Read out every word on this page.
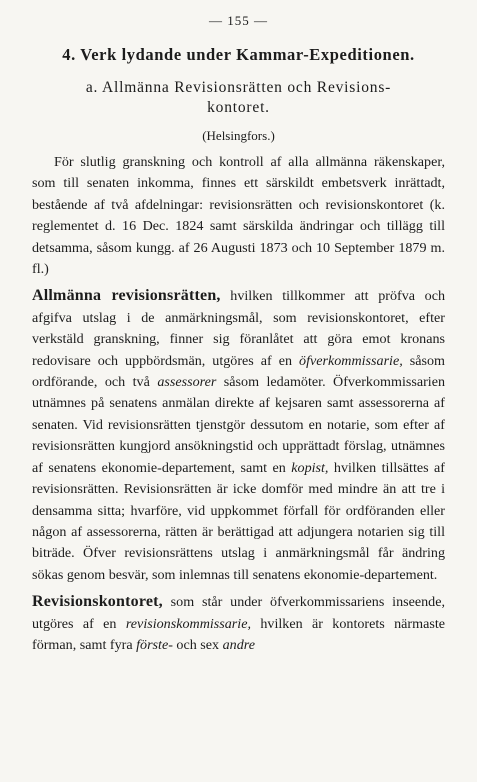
— 155 —
4. Verk lydande under Kammar-Expeditionen.
a. Allmänna Revisionsrätten och Revisions-
kontoret.
(Helsingfors.)

För slutlig granskning och kontroll af alla allmänna räkenskaper, som till senaten inkomma, finnes ett särskildt embetsverk inrättadt, bestående af två afdelningar: revisionsrätten och revisionskontoret (k. reglementet d. 16 Dec. 1824 samt särskilda ändringar och tillägg till detsamma, såsom kungg. af 26 Augusti 1873 och 10 September 1879 m. fl.)

Allmänna revisionsrätten, hvilken tillkommer att pröfva och afgifva utslag i de anmärkningsmål, som revisionskontoret, efter verkstäld granskning, finner sig föranlåtet att göra emot kronans redovisare och uppbördsmän, utgöres af en öfverkommissarie, såsom ordförande, och två assessorer såsom ledamöter. Öfverkommissarien utnämnes på senatens anmälan direkte af kejsaren samt assessorerna af senaten. Vid revisionsrätten tjenstgör dessutom en notarie, som efter af revisionsrätten kungjord ansökningstid och upprättadt förslag, utnämnes af senatens ekonomie-departement, samt en kopist, hvilken tillsättes af revisionsrätten. Revisionsrätten är icke domför med mindre än att tre i densamma sitta; hvarföre, vid uppkommet förfall för ordföranden eller någon af assessorerna, rätten är berättigad att adjungera notarien sig till biträde. Öfver revisionsrättens utslag i anmärkningsmål får ändring sökas genom besvär, som inlemnas till senatens ekonomie-departement.

Revisionskontoret, som står under öfverkommissariens inseende, utgöres af en revisionskommissarie, hvilken är kontorets närmaste förman, samt fyra förste- och sex andre
